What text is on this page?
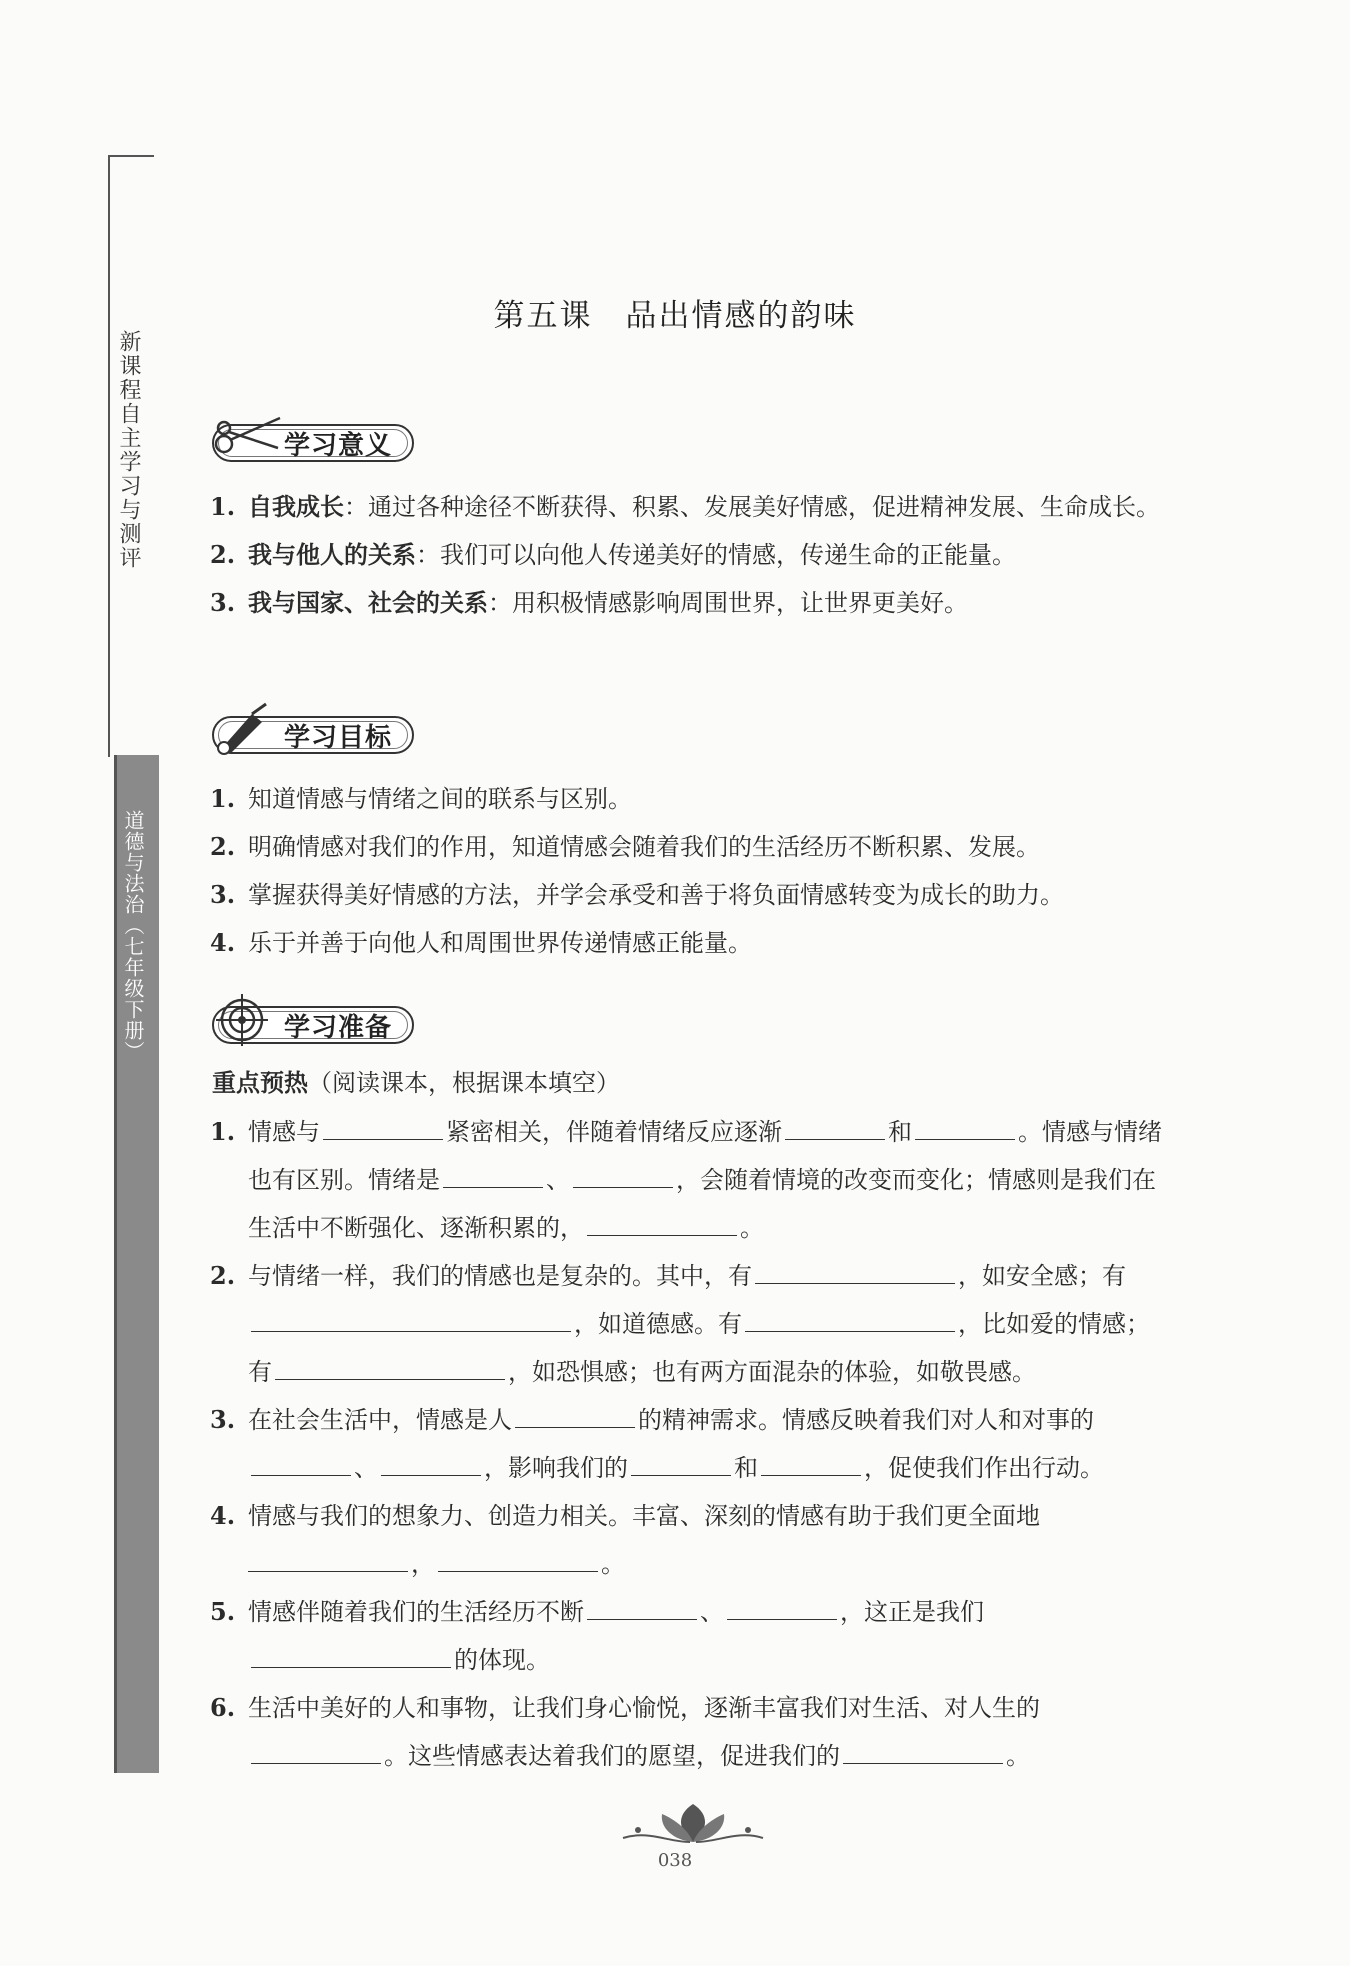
新课程自主学习与测评
道德与法治（七年级下册）
第五课　品出情感的韵味
学习意义
1. 自我成长：通过各种途径不断获得、积累、发展美好情感，促进精神发展、生命成长。
2. 我与他人的关系：我们可以向他人传递美好的情感，传递生命的正能量。
3. 我与国家、社会的关系：用积极情感影响周围世界，让世界更美好。
学习目标
1. 知道情感与情绪之间的联系与区别。
2. 明确情感对我们的作用，知道情感会随着我们的生活经历不断积累、发展。
3. 掌握获得美好情感的方法，并学会承受和善于将负面情感转变为成长的助力。
4. 乐于并善于向他人和周围世界传递情感正能量。
学习准备
重点预热（阅读课本，根据课本填空）
1. 情感与	紧密相关，伴随着情绪反应逐渐	和	。情感与情绪也有区别。情绪是	、	，会随着情境的改变而变化；情感则是我们在生活中不断强化、逐渐积累的，	。
2. 与情绪一样，我们的情感也是复杂的。其中，有	，如安全感；有，如道德感。有	，比如爱的情感；有	，如恐惧感；也有两方面混杂的体验，如敬畏感。
3. 在社会生活中，情感是人	的精神需求。情感反映着我们对人和对事的、	，影响我们的	和	，促使我们作出行动。
4. 情感与我们的想象力、创造力相关。丰富、深刻的情感有助于我们更全面地
，	。
5. 情感伴随着我们的生活经历不断	、	，这正是我们的体现。
6. 生活中美好的人和事物，让我们身心愉悦，逐渐丰富我们对生活、对人生的。这些情感表达着我们的愿望，促进我们的	。
038
